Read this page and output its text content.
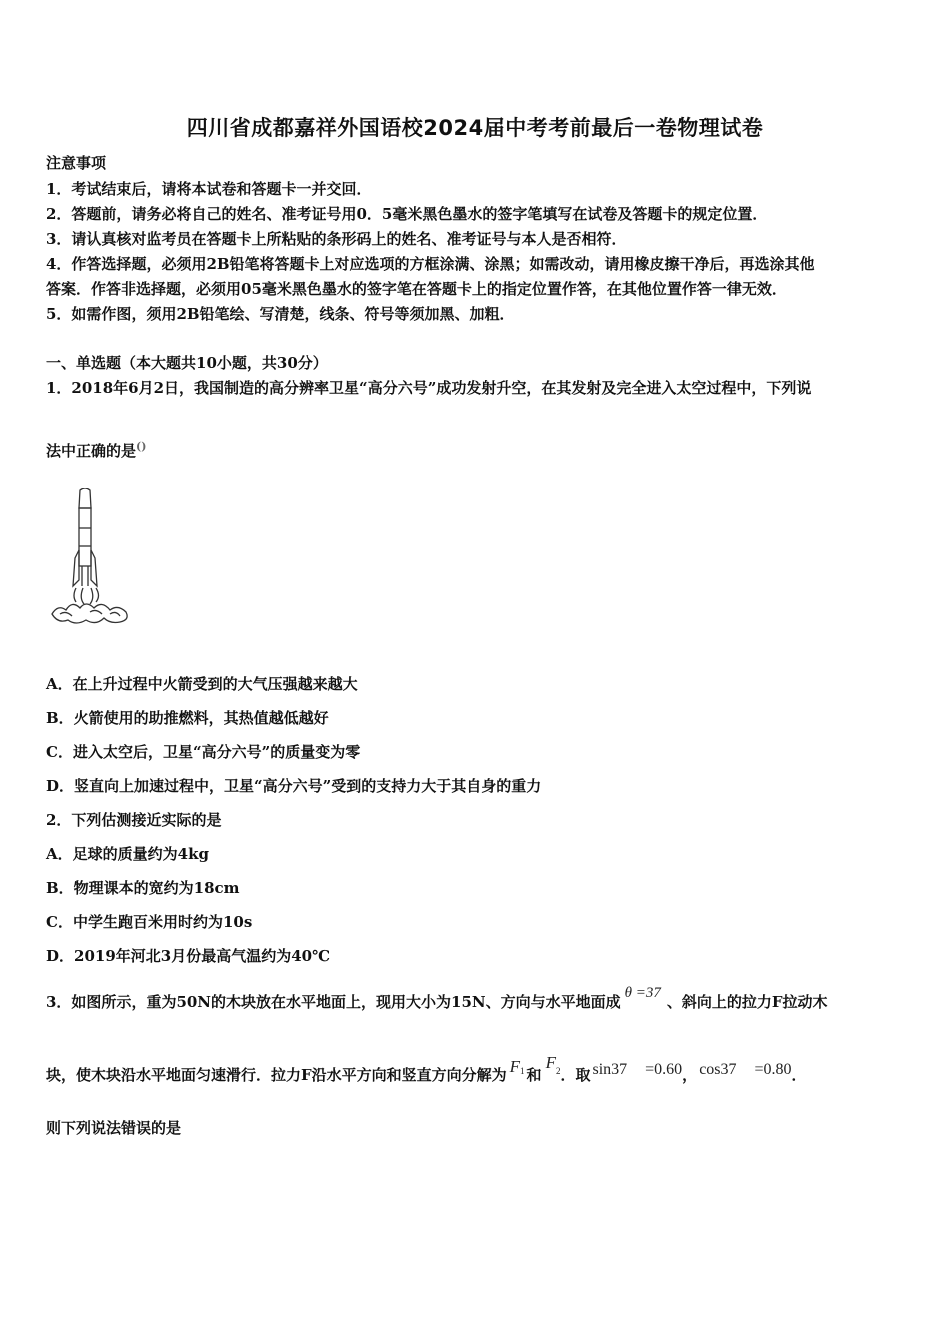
四川省成都嘉祥外国语校2024届中考考前最后一卷物理试卷
注意事项
1．考试结束后，请将本试卷和答题卡一并交回．
2．答题前，请务必将自己的姓名、准考证号用0．5毫米黑色墨水的签字笔填写在试卷及答题卡的规定位置．
3．请认真核对监考员在答题卡上所粘贴的条形码上的姓名、准考证号与本人是否相符．
4．作答选择题，必须用2B铅笔将答题卡上对应选项的方框涂满、涂黑；如需改动，请用橡皮擦干净后，再选涂其他
答案．作答非选择题，必须用05毫米黑色墨水的签字笔在答题卡上的指定位置作答，在其他位置作答一律无效．
5．如需作图，须用2B铅笔绘、写清楚，线条、符号等须加黑、加粗．
一、单选题（本大题共10小题，共30分）
1．2018年6月2日，我国制造的高分辨率卫星“高分六号”成功发射升空，在其发射及完全进入太空过程中，下列说
法中正确的是()
A．在上升过程中火箭受到的大气压强越来越大
B．火箭使用的助推燃料，其热值越低越好
C．进入太空后，卫星“高分六号”的质量变为零
D．竖直向上加速过程中，卫星“高分六号”受到的支持力大于其自身的重力
2．下列估测接近实际的是
A．足球的质量约为4kg
B．物理课本的宽约为18cm
C．中学生跑百米用时约为10s
D．2019年河北3月份最高气温约为40℃
3．如图所示，重为50N的木块放在水平地面上，现用大小为15N、方向与水平地面成 θ =37 、斜向上的拉力F拉动木
块，使木块沿水平地面匀速滑行．拉力F沿水平方向和竖直方向分解为 $F^1$ 和$F^2$．取 sin37 =0.60， cos37 =0.80．
则下列说法错误的是
